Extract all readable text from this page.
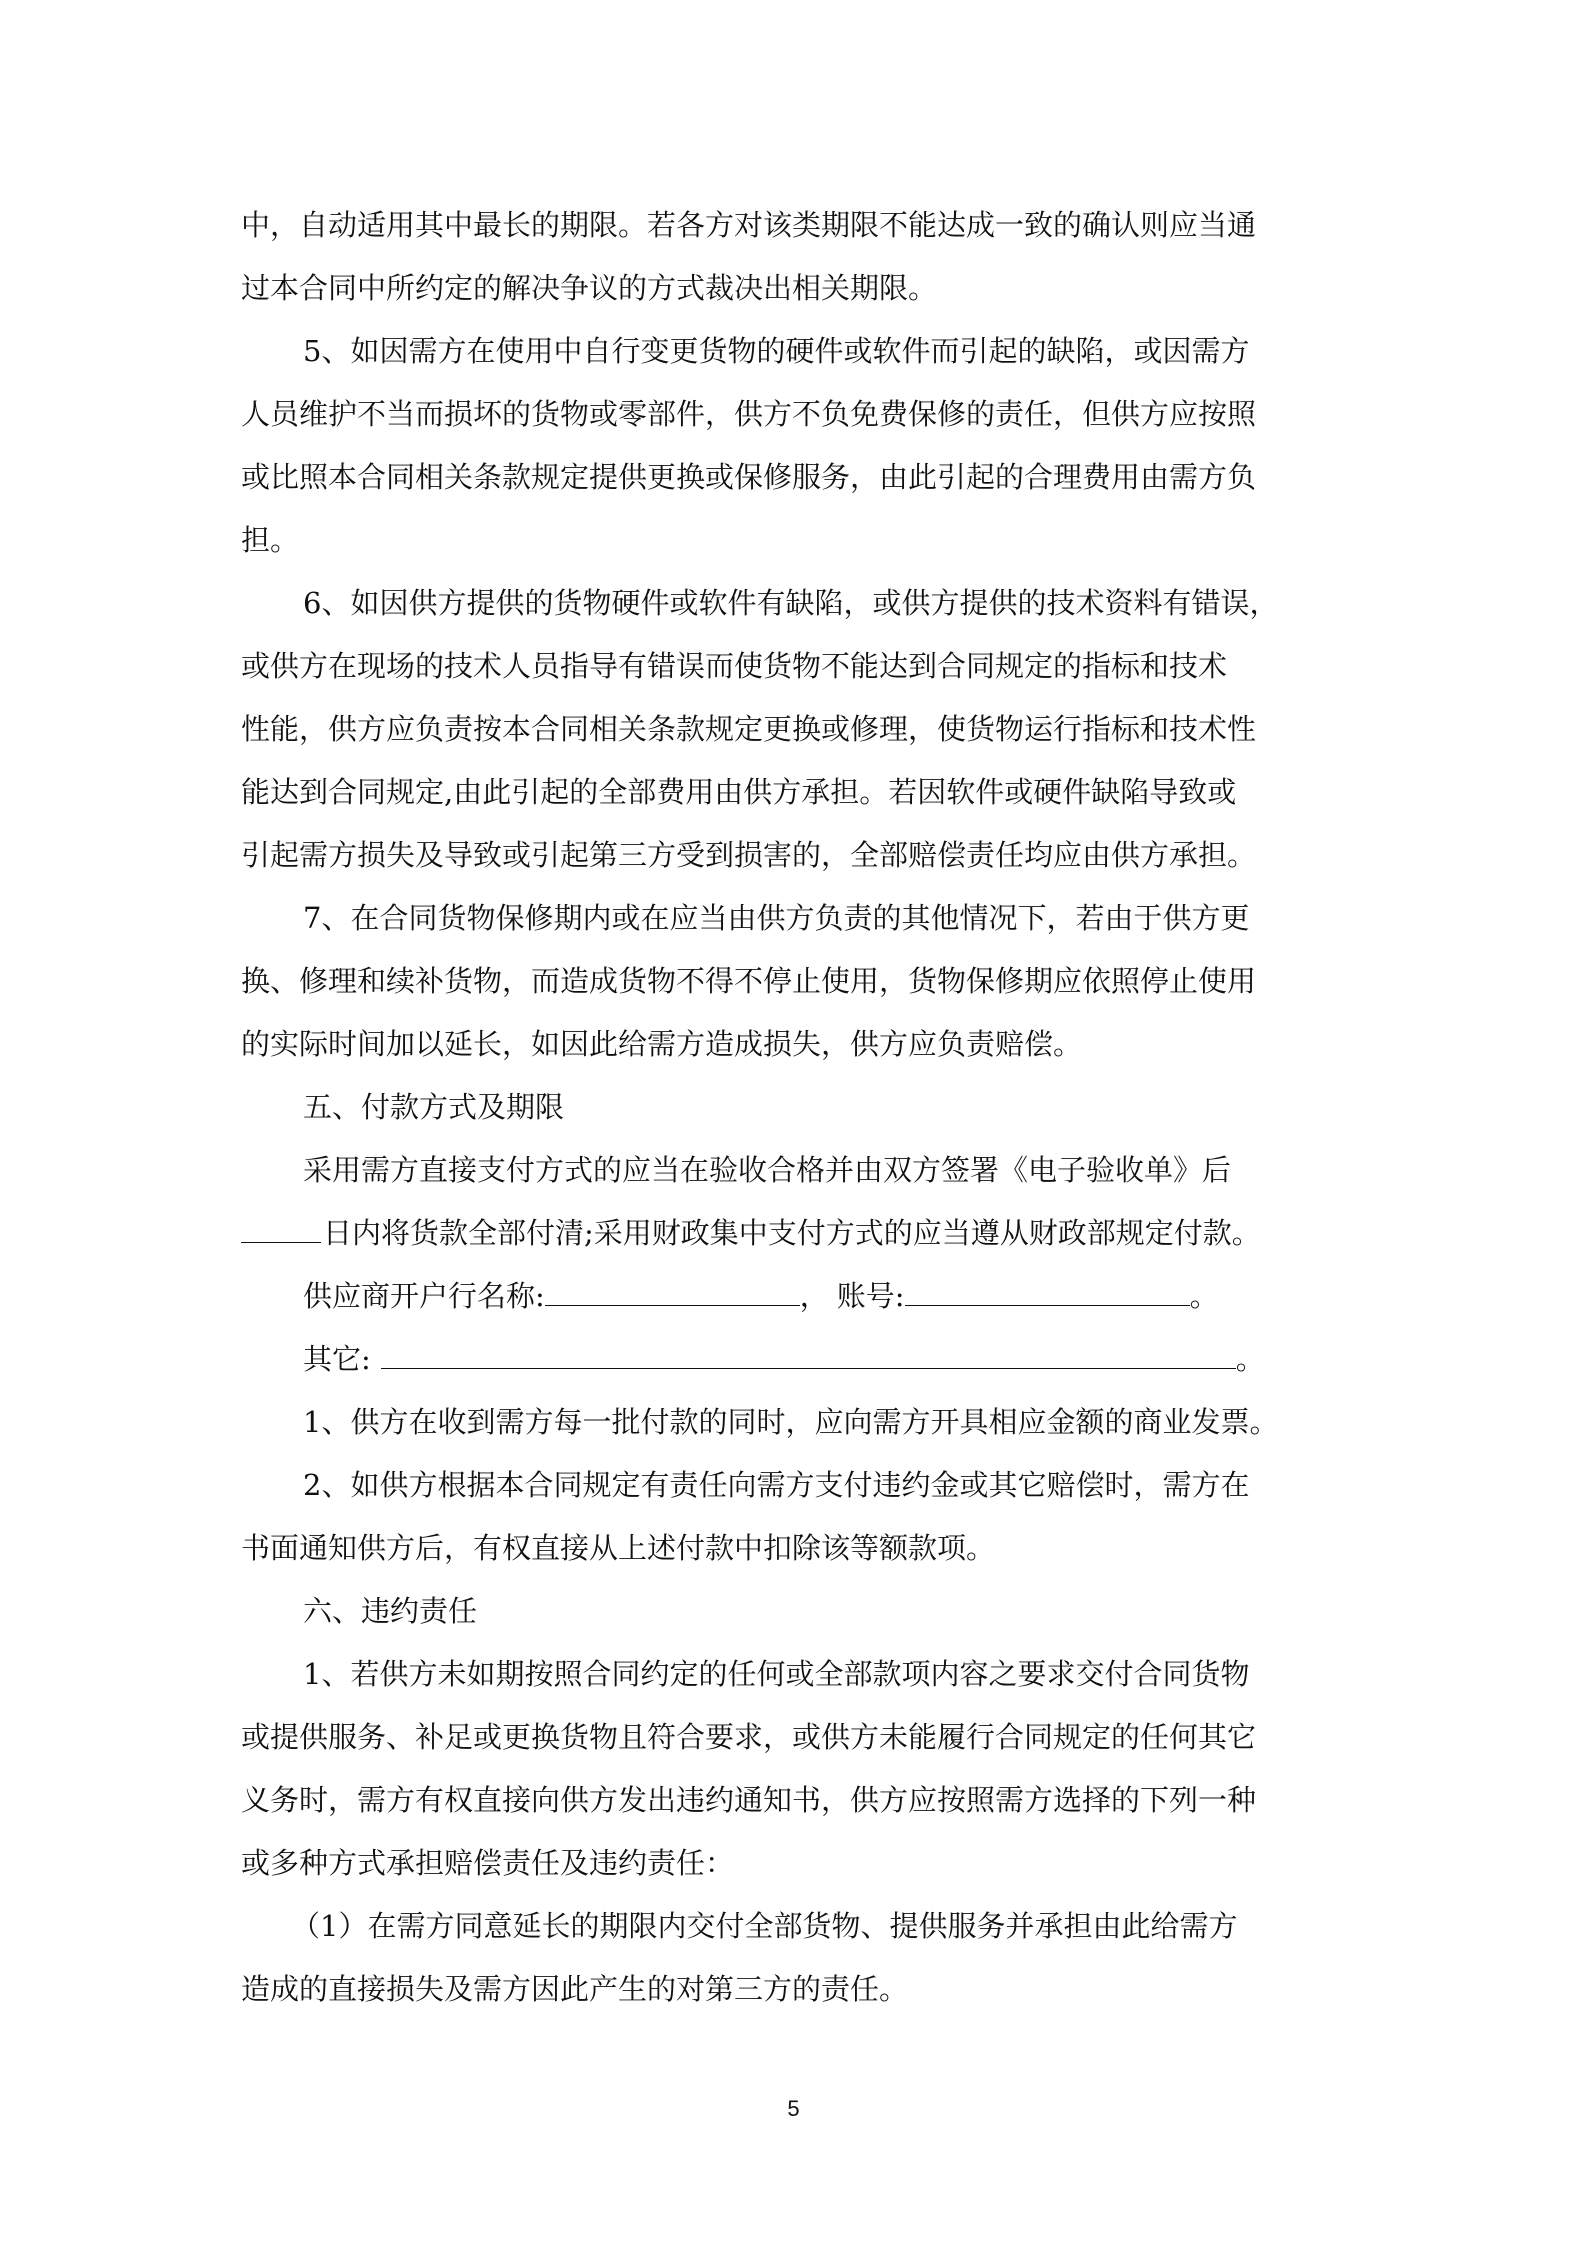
中，自动适用其中最长的期限。若各方对该类期限不能达成一致的确认则应当通
过本合同中所约定的解决争议的方式裁决出相关期限。
5、如因需方在使用中自行变更货物的硬件或软件而引起的缺陷，或因需方
人员维护不当而损坏的货物或零部件，供方不负免费保修的责任，但供方应按照
或比照本合同相关条款规定提供更换或保修服务，由此引起的合理费用由需方负
担。
6、如因供方提供的货物硬件或软件有缺陷，或供方提供的技术资料有错误，
或供方在现场的技术人员指导有错误而使货物不能达到合同规定的指标和技术
性能，供方应负责按本合同相关条款规定更换或修理，使货物运行指标和技术性
能达到合同规定,由此引起的全部费用由供方承担。若因软件或硬件缺陷导致或
引起需方损失及导致或引起第三方受到损害的，全部赔偿责任均应由供方承担。
7、在合同货物保修期内或在应当由供方负责的其他情况下，若由于供方更
换、修理和续补货物，而造成货物不得不停止使用，货物保修期应依照停止使用
的实际时间加以延长，如因此给需方造成损失，供方应负责赔偿。
五、付款方式及期限
采用需方直接支付方式的应当在验收合格并由双方签署《电子验收单》后
日内将货款全部付清;采用财政集中支付方式的应当遵从财政部规定付款。
供应商开户行名称:	， 账号:	。
其它:	。
1、供方在收到需方每一批付款的同时，应向需方开具相应金额的商业发票。
2、如供方根据本合同规定有责任向需方支付违约金或其它赔偿时，需方在
书面通知供方后，有权直接从上述付款中扣除该等额款项。
六、违约责任
1、若供方未如期按照合同约定的任何或全部款项内容之要求交付合同货物
或提供服务、补足或更换货物且符合要求，或供方未能履行合同规定的任何其它
义务时，需方有权直接向供方发出违约通知书，供方应按照需方选择的下列一种
或多种方式承担赔偿责任及违约责任：
（1）在需方同意延长的期限内交付全部货物、提供服务并承担由此给需方
造成的直接损失及需方因此产生的对第三方的责任。
5
